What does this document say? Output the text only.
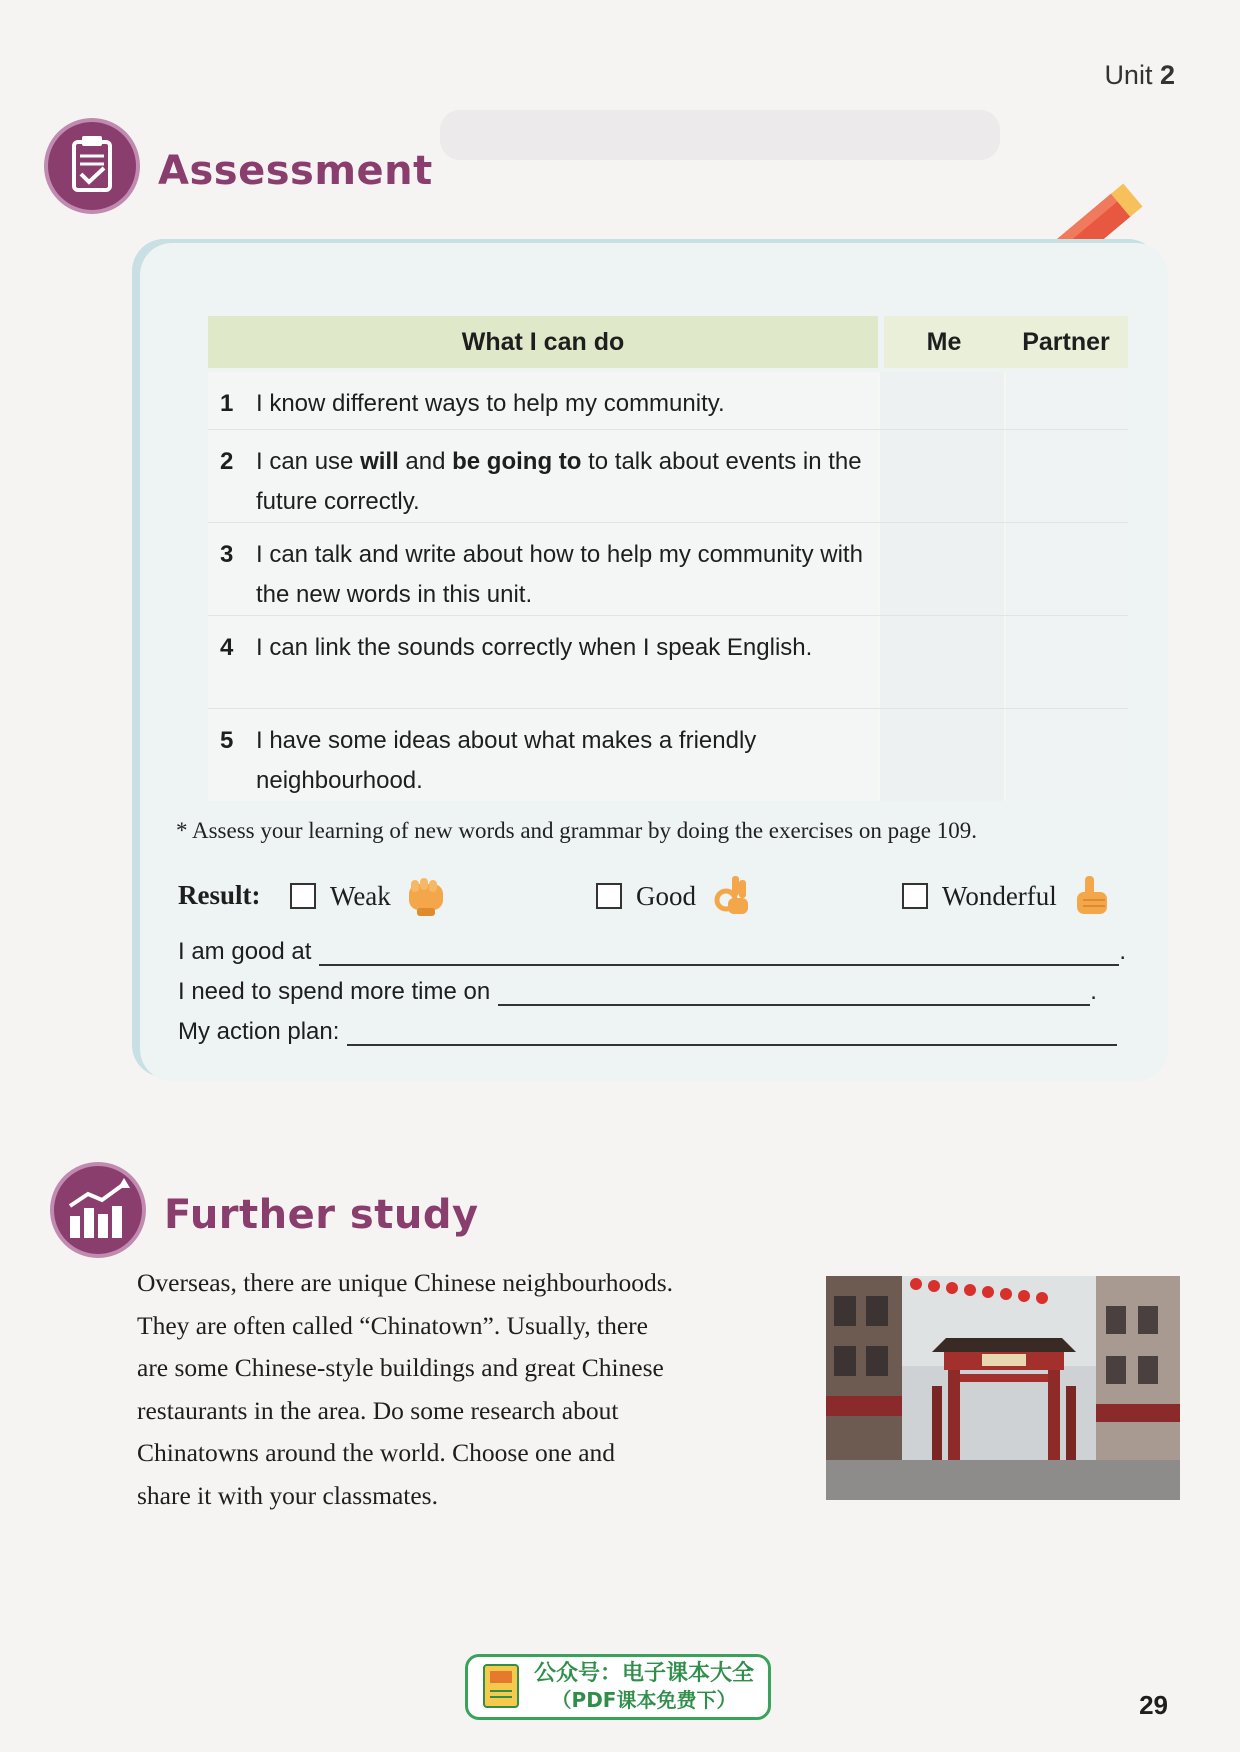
Unit 2
Assessment
What I can do	Me	Partner
1 I know different ways to help my community.
2 I can use will and be going to to talk about events in the future correctly.
3 I can talk and write about how to help my community with the new words in this unit.
4 I can link the sounds correctly when I speak English.
5 I have some ideas about what makes a friendly neighbourhood.
* Assess your learning of new words and grammar by doing the exercises on page 109.
Result:	Weak	Good	Wonderful
I am good at	.
I need to spend more time on	.
My action plan:
Further study
Overseas, there are unique Chinese neighbourhoods.
They are often called “Chinatown”. Usually, there
are some Chinese-style buildings and great Chinese
restaurants in the area. Do some research about
Chinatowns around the world. Choose one and
share it with your classmates.
公众号：电子课本大全
（PDF课本免费下）	29
